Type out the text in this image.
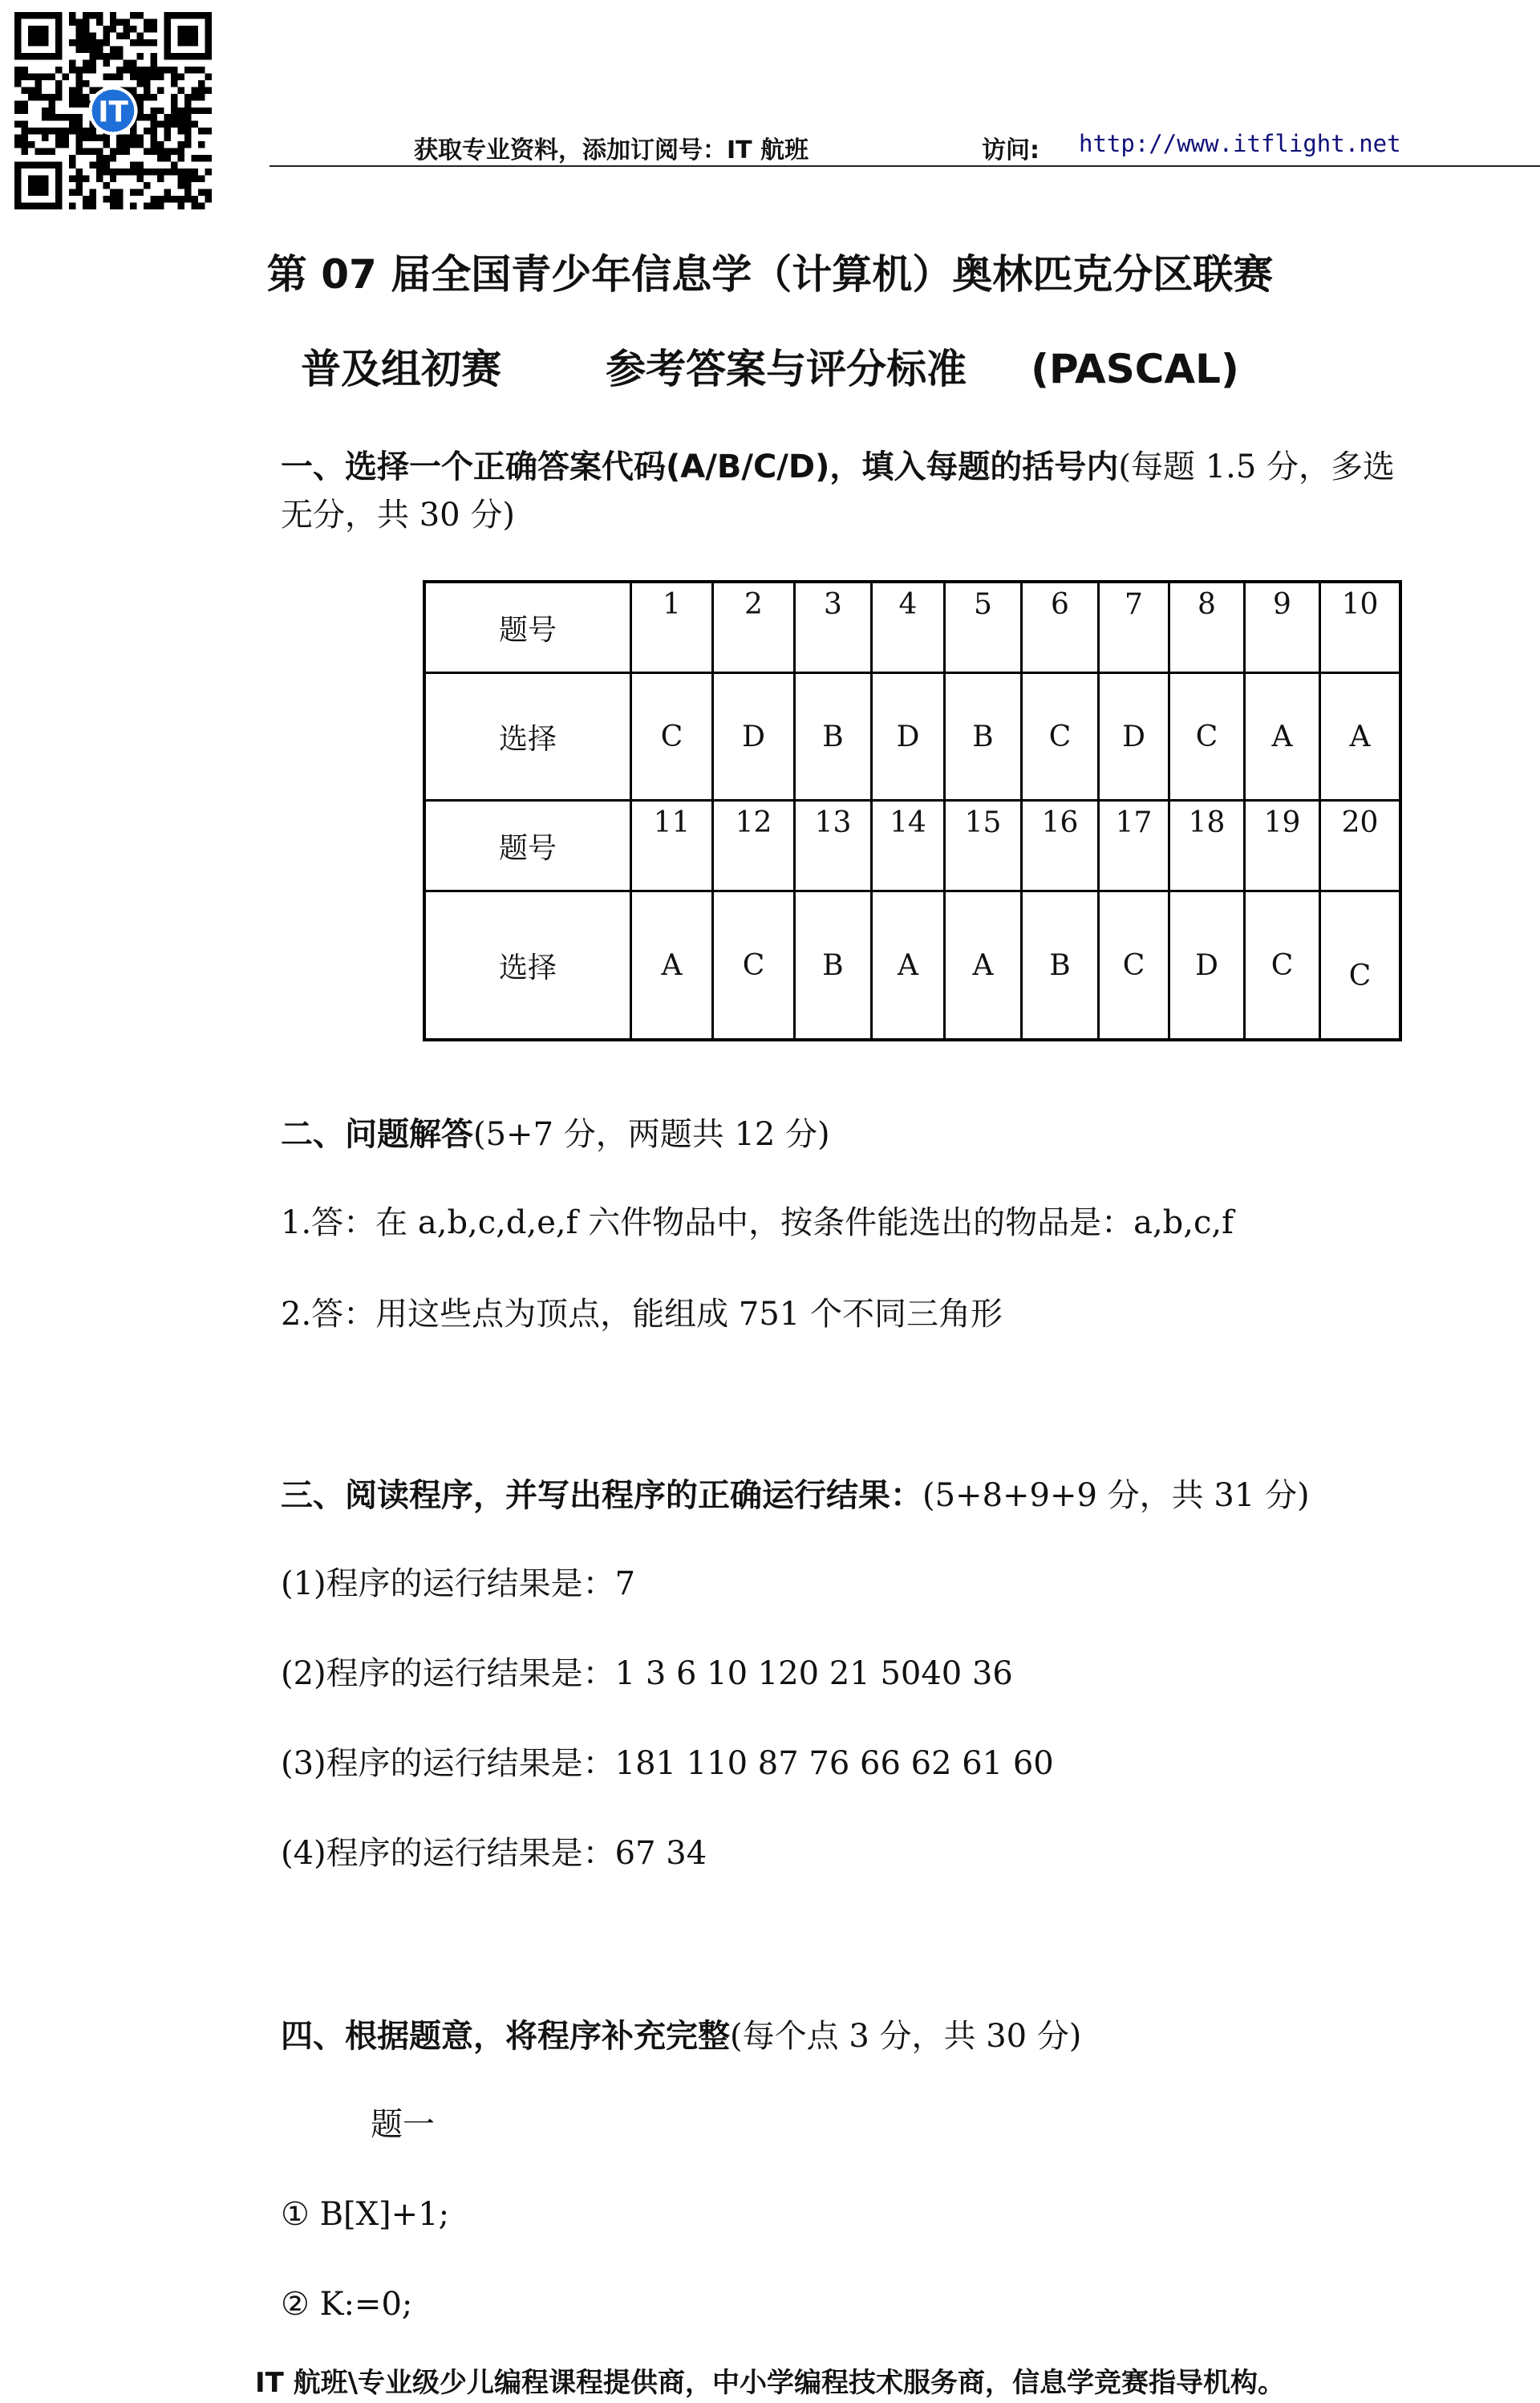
IT
获取专业资料，添加订阅号：IT 航班	访问: http://www.itflight.net
第 07 届全国青少年信息学（计算机）奥林匹克分区联赛
普及组初赛	参考答案与评分标准 (PASCAL)
一、选择一个正确答案代码(A/B/C/D)，填入每题的括号内(每题 1.5 分，多选
无分，共 30 分)
题号	1	2	3	4	5	6	7	8	9	10
选择	C	D	B	D	B	C	D	C	A	A
题号	11	12	13	14	15	16	17	18	19	20
选择	A	C	B	A	A	B	C	D	C	C
二、问题解答(5+7 分，两题共 12 分)
1.答：在 a,b,c,d,e,f 六件物品中，按条件能选出的物品是：a,b,c,f
2.答：用这些点为顶点，能组成 751 个不同三角形
三、阅读程序，并写出程序的正确运行结果：(5+8+9+9 分，共 31 分)
(1)程序的运行结果是：7
(2)程序的运行结果是：1 3 6 10 120 21 5040 36
(3)程序的运行结果是：181 110 87 76 66 62 61 60
(4)程序的运行结果是：67 34
四、根据题意，将程序补充完整(每个点 3 分，共 30 分)
题一
① B[X]+1;
② K:=0;
IT 航班\专业级少儿编程课程提供商，中小学编程技术服务商，信息学竞赛指导机构。
